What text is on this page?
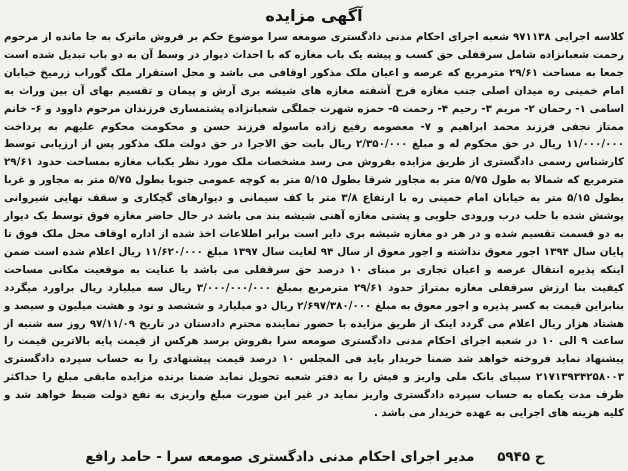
آگهی مزایده

کلاسه اجرایی ۹۷۱۱۳۸ شعبه اجرای احکام مدنی دادگستری صومعه سرا موضوع حکم بر فروش ماترک به جا مانده از مرحوم رحمت شعبانزاده شامل سرقفلی حق کسب و پیشه یک باب مغازه که با احداث دیوار در وسط آن به دو باب تبدیل شده است جمعا به مساحت ۲۹/۶۱ مترمربع که عرصه و اعیان ملک مذکور اوقافی می باشد و محل استقرار ملک گوراب زرمیخ خیابان امام خمینی ره میدان اصلی جنب مغازه فرح آشفته مغازه های شیشه بری آرش و پیمان و تقسیم بهای آن بین وراث به اسامی ۱- رحمان ۲- مریم ۳- رحیم ۴- رحمت ۵- حمزه شهرت جملگی شعبانزاده پشتمساری فرزندان مرحوم داوود و ۶- خانم ممتاز نجفی فرزند محمد ابراهیم و ۷- معصومه رفیع زاده ماسوله فرزند حسن و محکومت محکوم علیهم به پرداخت ۱۱/۰۰۰/۰۰۰ ریال در حق محکوم له و مبلغ ۲/۳۵۰/۰۰۰ ریال بابت حق الاجرا در حق دولت ملک مذکور پس از ارزیابی توسط کارشناس رسمی دادگستری از طریق مزایده بفروش می رسد مشخصات ملک مورد نظر یکباب مغازه بمساحت حدود ۲۹/۶۱ مترمربع که شمالا به طول ۵/۷۵ متر به مجاور شرقا بطول ۵/۱۵ متر به کوچه عمومی جنوبا بطول ۵/۷۵ متر به مجاور و غربا بطول ۵/۱۵ متر به خیابان امام خمینی ره با ارتفاع ۳/۸ متر با کف سیمانی و دیوارهای گچکاری و سقف نهایی شیروانی پوشش شده با حلب درب ورودی جلویی و پشتی مغازه آهنی شیشه بند می باشد در حال حاضر مغازه فوق توسط یک دیوار به دو قسمت تقسیم شده و در هر دو مغازه شیشه بری دایر است برابر اطلاعات اخذ شده از اداره اوقاف محل ملک فوق تا پایان سال ۱۳۹۴ اجور معوق نداشته و اجور معوق از سال ۹۴ لغایت سال ۱۳۹۷ مبلغ ۱۱/۶۲۰/۰۰۰ ریال اعلام شده است ضمن اینکه پذیره انتقال عرصه و اعیان تجاری بر مبنای ۱۰ درصد حق سرقفلی می باشد با عنایت به موقعیت مکانی مساحت کیفیت بنا ارزش سرقفلی مغازه بمتراژ حدود ۲۹/۶۱ مترمربع بمبلغ ۳/۰۰۰/۰۰۰/۰۰۰ ریال سه میلیارد ریال براورد میگردد بنابراین قیمت به کسر پذیره و اجور معوق به مبلغ ۲/۶۹۷/۳۸۰/۰۰۰ ریال دو میلیارد و ششصد و نود و هشت میلیون و سیصد و هشتاد هزار ریال اعلام می گردد اینک از طریق مزایده با حضور نماینده محترم دادستان در تاریخ ۹۷/۱۱/۰۹ روز سه شنبه از ساعت ۹ الی ۱۰ در شعبه اجرای احکام مدنی دادگستری صومعه سرا بفروش برسد هرکس از قیمت پایه بالاترین قیمت را پیشنهاد نماید فروخته خواهد شد ضمنا خریدار باید فی المجلس ۱۰ درصد قیمت پیشنهادی را به حساب سپرده دادگستری ۲۱۷۱۳۹۳۴۲۵۸۰۰۳ سیبای بانک ملی واریز و فیش را به دفتر شعبه تحویل نماید ضمنا برنده مزایده مابقی مبلغ را حداکثر ظرف مدت یکماه به حساب سپرده دادگستری واریز نماید در غیر این صورت مبلغ واریزی به نفع دولت ضبط خواهد شد و کلیه هزینه های اجرایی به عهده خریدار می باشد .

ح ۵۹۴۵ مدیر اجرای احکام مدنی دادگستری صومعه سرا - حامد رافع
